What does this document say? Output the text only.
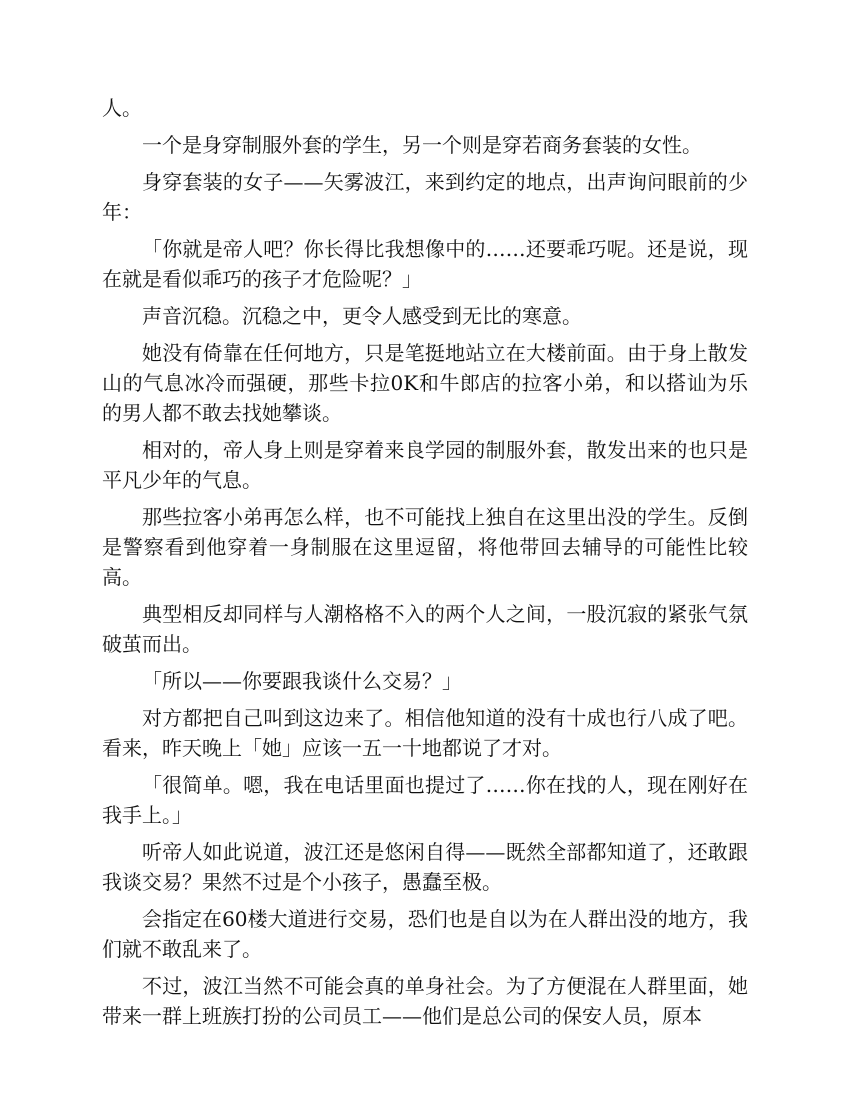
人。

一个是身穿制服外套的学生，另一个则是穿若商务套装的女性。

身穿套装的女子——矢雾波江，来到约定的地点，出声询问眼前的少年：

「你就是帝人吧？你长得比我想像中的……还要乖巧呢。还是说，现在就是看似乖巧的孩子才危险呢？」

声音沉稳。沉稳之中，更令人感受到无比的寒意。

她没有倚靠在任何地方，只是笔挺地站立在大楼前面。由于身上散发山的气息冰冷而强硬，那些卡拉0K和牛郎店的拉客小弟，和以搭讪为乐的男人都不敢去找她攀谈。

相对的，帝人身上则是穿着来良学园的制服外套，散发出来的也只是平凡少年的气息。

那些拉客小弟再怎么样，也不可能找上独自在这里出没的学生。反倒是警察看到他穿着一身制服在这里逗留，将他带回去辅导的可能性比较高。

典型相反却同样与人潮格格不入的两个人之间，一股沉寂的紧张气氛破茧而出。

「所以——你要跟我谈什么交易？」

对方都把自己叫到这边来了。相信他知道的没有十成也行八成了吧。看来，昨天晚上「她」应该一五一十地都说了才对。

「很简单。嗯，我在电话里面也提过了……你在找的人，现在刚好在我手上。」

听帝人如此说道，波江还是悠闲自得——既然全部都知道了，还敢跟我谈交易？果然不过是个小孩子，愚蠢至极。

会指定在60楼大道进行交易，恐们也是自以为在人群出没的地方，我们就不敢乱来了。

不过，波江当然不可能会真的单身社会。为了方便混在人群里面，她带来一群上班族打扮的公司员工——他们是总公司的保安人员，原本
